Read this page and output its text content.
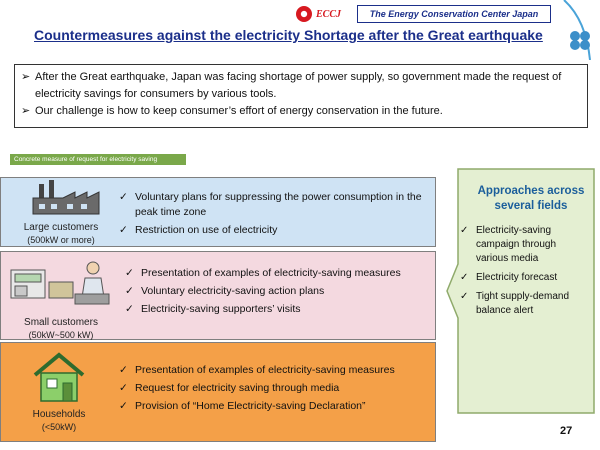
ECCJ	The Energy Conservation Center Japan
Countermeasures against the electricity Shortage after the Great earthquake
➢ After the Great earthquake, Japan was facing shortage of power supply, so government made the request of electricity savings for consumers by various tools.
➢ Our challenge is how to keep consumer’s effort of energy conservation in the future.
Concrete measure of request for electricity saving
Large customers
(500kW or more)
✓ Voluntary plans for suppressing the power consumption in the peak time zone
✓ Restriction on use of electricity
Small customers
(50kW~500 kW)
✓ Presentation of examples of electricity-saving measures
✓ Voluntary electricity-saving action plans
✓ Electricity-saving supporters’ visits
Households
(<50kW)
✓ Presentation of examples of electricity-saving measures
✓ Request for electricity saving through media
✓ Provision of “Home Electricity-saving Declaration”
Approaches across several fields
✓ Electricity-saving campaign through various media
✓ Electricity forecast
✓ Tight supply-demand balance alert
27
